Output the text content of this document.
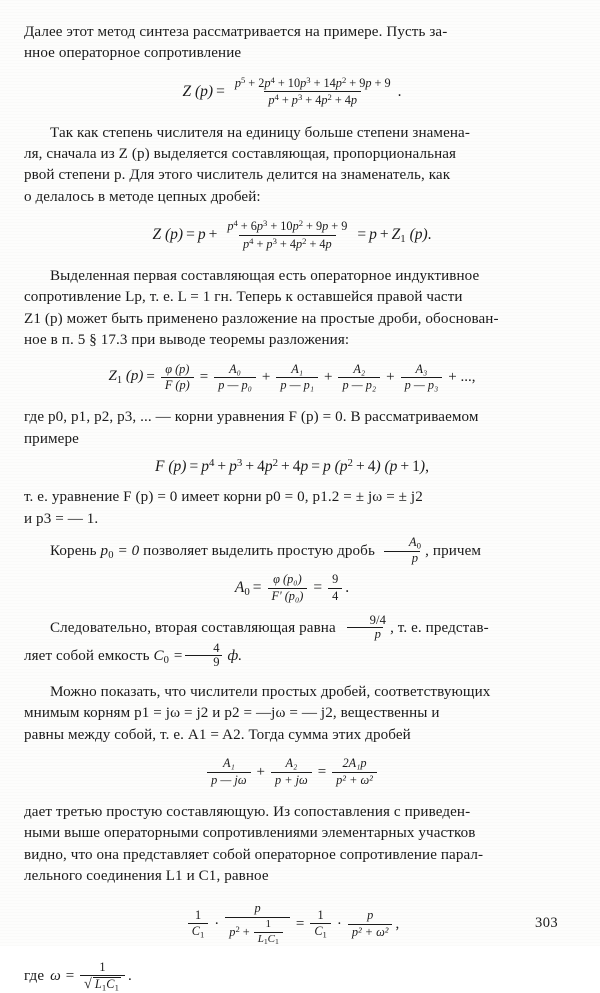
Далее этот метод синтеза рассматривается на примере. Пусть за-
нное операторное сопротивление

Z $(p) = \frac{p^5 + 2p^4 + 10p^3 + 14p^2 + 9p + 9}{p^4 + p^3 + 4p^2 + 4p}$ .

Так как степень числителя на единицу больше степени знамена-

ля, сначала из Z (p) выделяется составляющая, пропорциональная
рвой степени p. Для этого числитель делится на знаменатель, как
о делалось в методе цепных дробей:

Z $(p) = p + \frac{p^4 + 6p^3 + 10p^2 + 9p + 9}{p^4 + p^3 + 4p^2 + 4p} = p + Z_1$ (p) .

Выделенная первая составляющая есть операторное индуктивное

сопротивление Lp, т. е. L = 1 гн. Теперь к оставшейся правой части
Z1 (p) может быть применено разложение на простые дроби, обоснован-
ное в п. 5 § 17.3 при выводе теоремы разложения:

$Z_1$ $(p) = \frac{\varphi (p)}{F (p)} = \frac{\text{A₀}}{\text{p — p₀}} + \frac{\text{A₁}}{\text{p — p₁}} + \frac{\text{A₂}}{\text{p — p₂}} + \frac{\text{A₃}}{\text{p — p₃}}$ + ...,

где p0, p1, p2, p3, ... — корни уравнения F (p) = 0. В рассматриваемом
примере

F $(p) = p^4 + p^3 + 4p^2 + 4p = p$ $(p^2 + 4) (p + 1)$,

т. е. уравнение F (p) = 0 имеет корни p0 = 0, p1.2 = ± jω = ± j2
и p3 = — 1.

Корень $p_0 = 0$ позволяет выделить простую дробь $\frac{A_0}{p}$ , причем

$A_0 = \frac{\text{φ (p₀)}}{\text{F' (p₀)}} = \frac{9}{4}$ .

Следовательно, вторая составляющая равна $\frac{9/4}{p}$ , т. е. представ-
ляет собой емкость $C_0 = \frac{4}{9} ф$.

Можно показать, что числители простых дробей, соответствующих
мнимым корням p1 = jω = j2 и p2 = —jω = — j2, вещественны и
равны между собой, т. е. A1 = A2. Тогда сумма этих дробей

$\frac{\text{A₁}}{p — j\omega} + \frac{\text{A₂}}{p + j\omega} = \frac{\text{2A₁p}}{\text{p² + ω²}}$

дает третью простую составляющую. Из сопоставления с приведен-
ными выше операторными сопротивлениями элементарных участков
видно, что она представляет собой операторное сопротивление парал-
лельного соединения L1 и C1, равное

$\frac{1}{C_1} \cdot \frac{p}{p^2 + \frac{1}{L_1C_1}} = \frac{1}{C_1} \cdot \frac{p}{\text{p² + ω²}}$ ,

где $\omega = \frac{1}{√ L_1C_1}$ .

303
